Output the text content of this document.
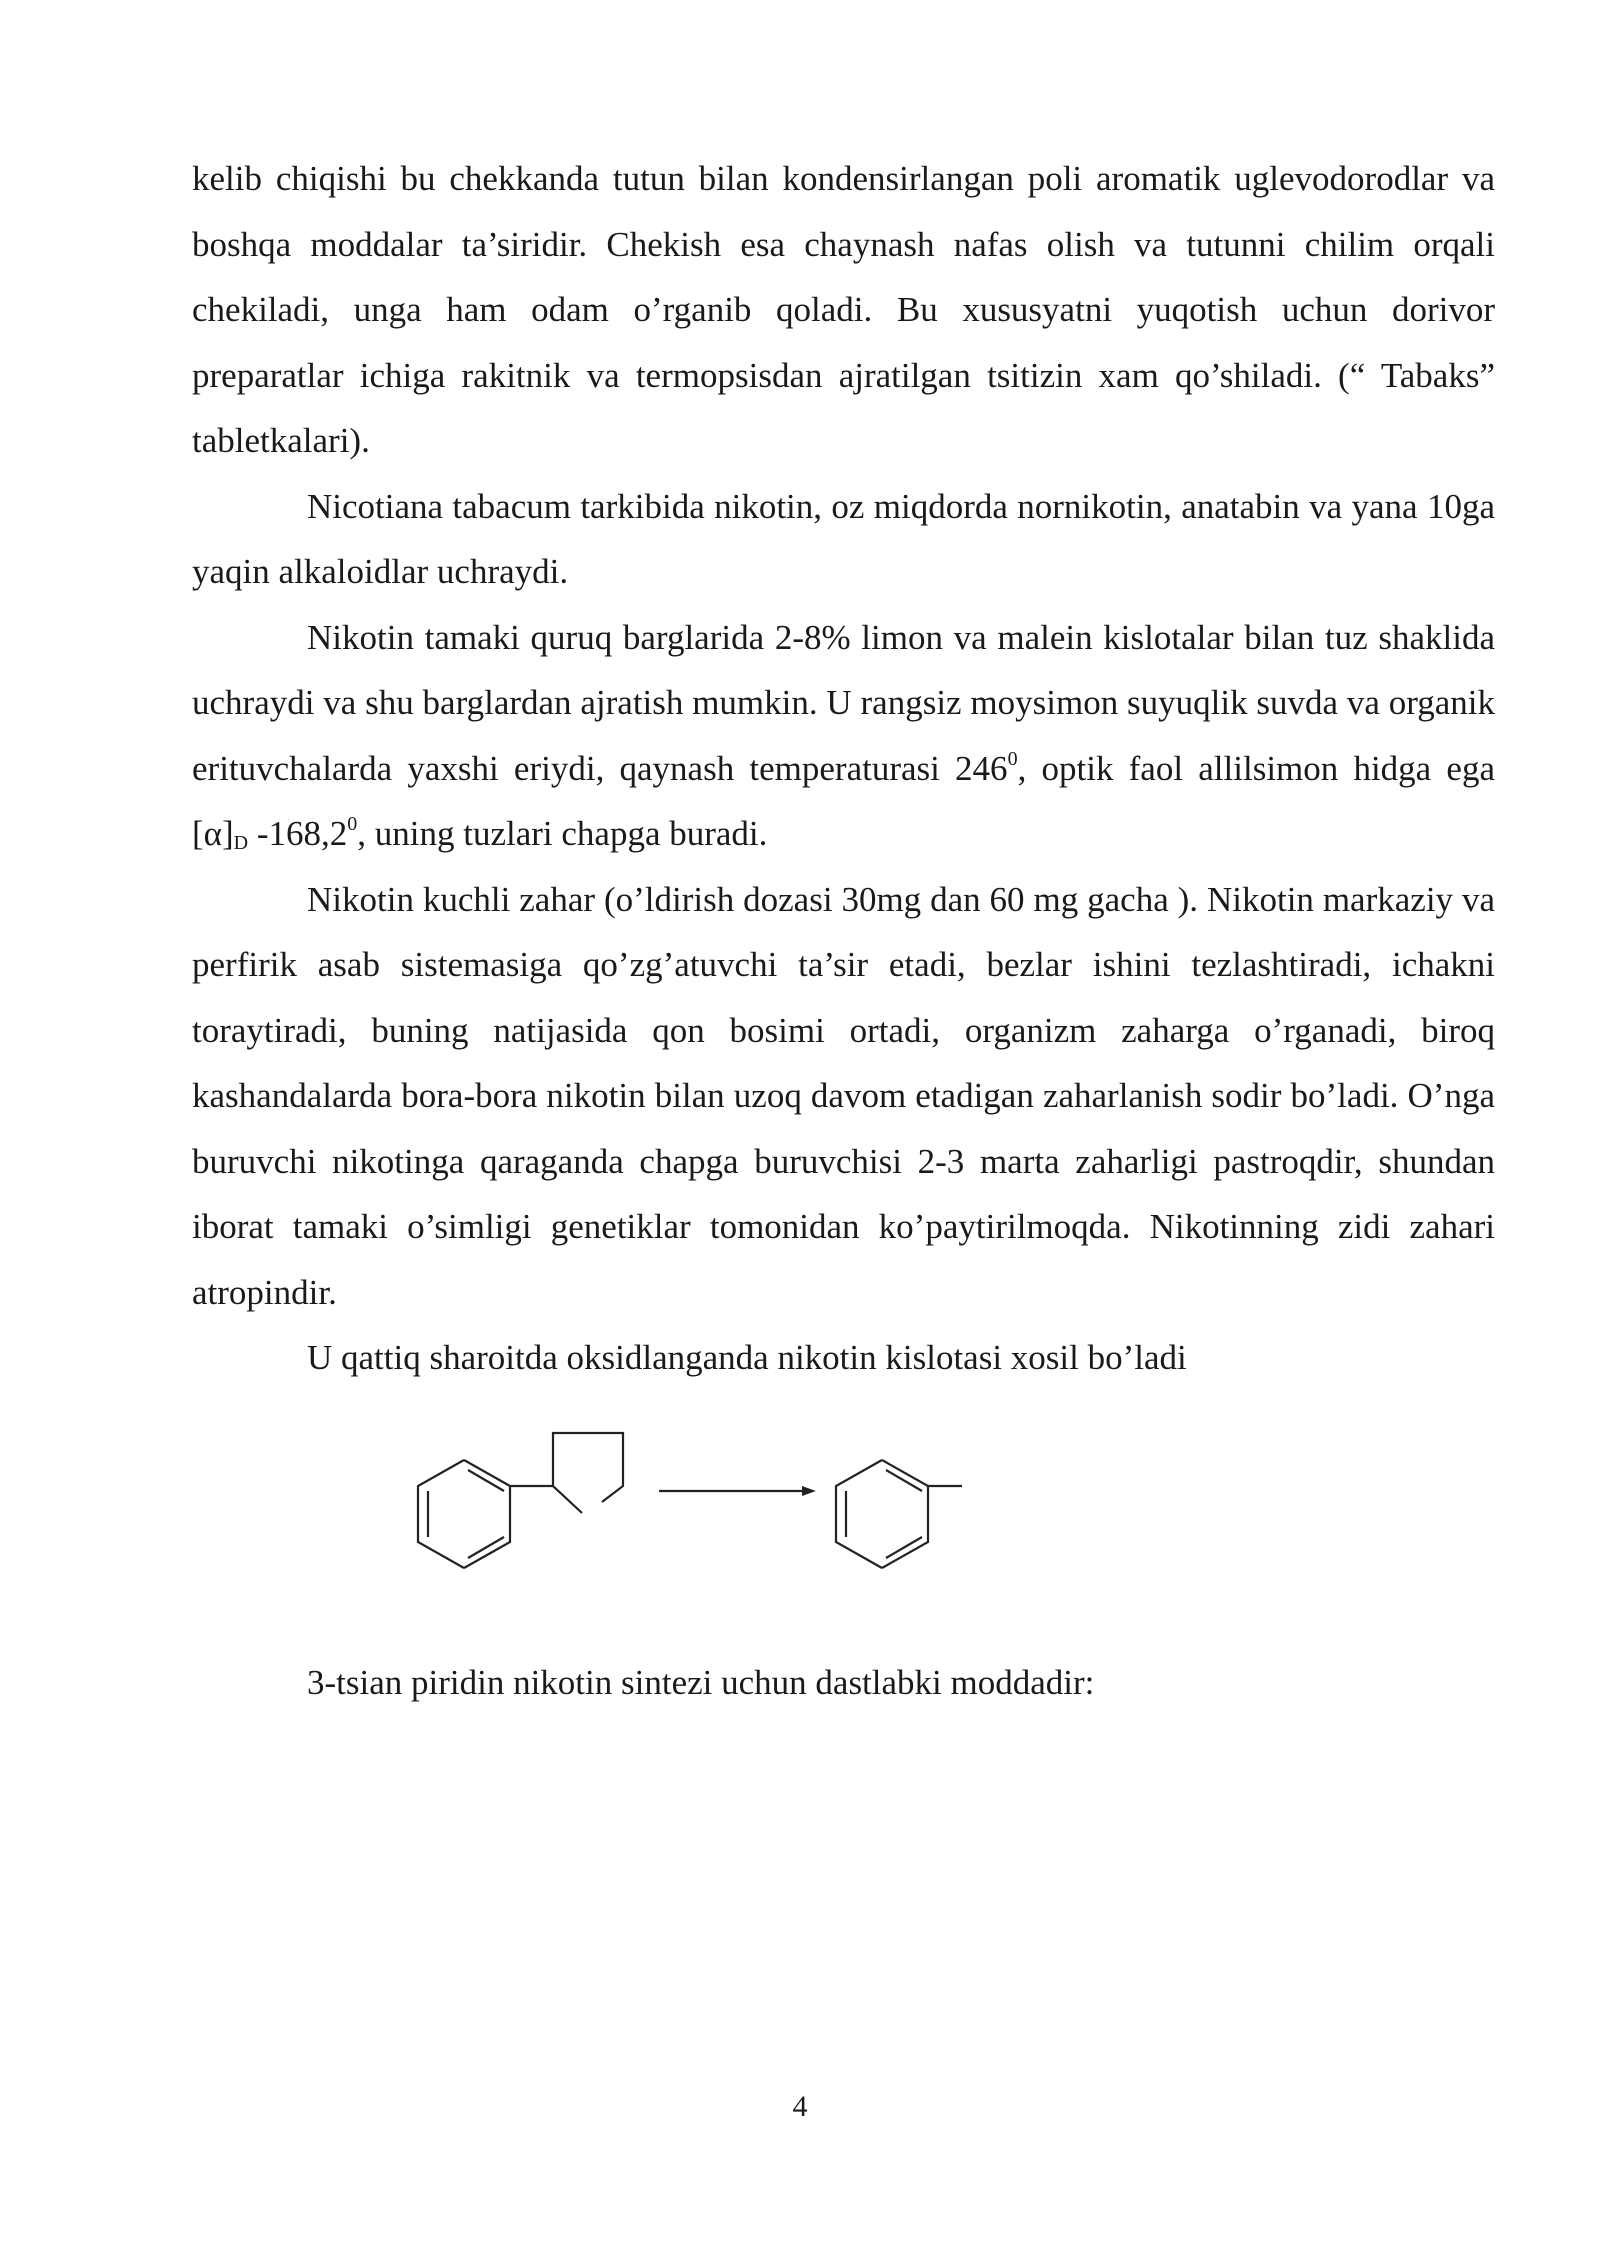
kelib chiqishi bu chekkanda tutun bilan kondensirlangan poli aromatik uglevodorodlar va boshqa moddalar ta’siridir. Chekish esa chaynash nafas olish va tutunni chilim orqali chekiladi, unga ham odam o’rganib qoladi. Bu xususyatni yuqotish uchun dorivor preparatlar ichiga rakitnik va termopsisdan ajratilgan tsitizin xam qo’shiladi. (“ Tabaks” tabletkalari).

Nicotiana tabacum tarkibida nikotin, oz miqdorda nornikotin, anatabin va yana 10ga yaqin alkaloidlar uchraydi.

Nikotin tamaki quruq barglarida 2-8% limon va malein kislotalar bilan tuz shaklida uchraydi va shu barglardan ajratish mumkin. U rangsiz moysimon suyuqlik suvda va organik erituvchalarda yaxshi eriydi, qaynash temperaturasi $246^0$, optik faol allilsimon hidga ega $[\alpha]_D$ -168,2$^0$, uning tuzlari chapga buradi.

Nikotin kuchli zahar (o’ldirish dozasi 30mg dan 60 mg gacha ). Nikotin markaziy va perfirik asab sistemasiga qo’zg’atuvchi ta’sir etadi, bezlar ishini tezlashtiradi, ichakni toraytiradi, buning natijasida qon bosimi ortadi, organizm zaharga o’rganadi, biroq kashandalarda bora-bora nikotin bilan uzoq davom etadigan zaharlanish sodir bo’ladi. O’nga buruvchi nikotinga qaraganda chapga buruvchisi 2-3 marta zaharligi pastroqdir, shundan iborat tamaki o’simligi genetiklar tomonidan ko’paytirilmoqda. Nikotinning zidi zahari atropindir.

U qattiq sharoitda oksidlanganda nikotin kislotasi xosil bo’ladi

3-tsian piridin nikotin sintezi uchun dastlabki moddadir:
4
